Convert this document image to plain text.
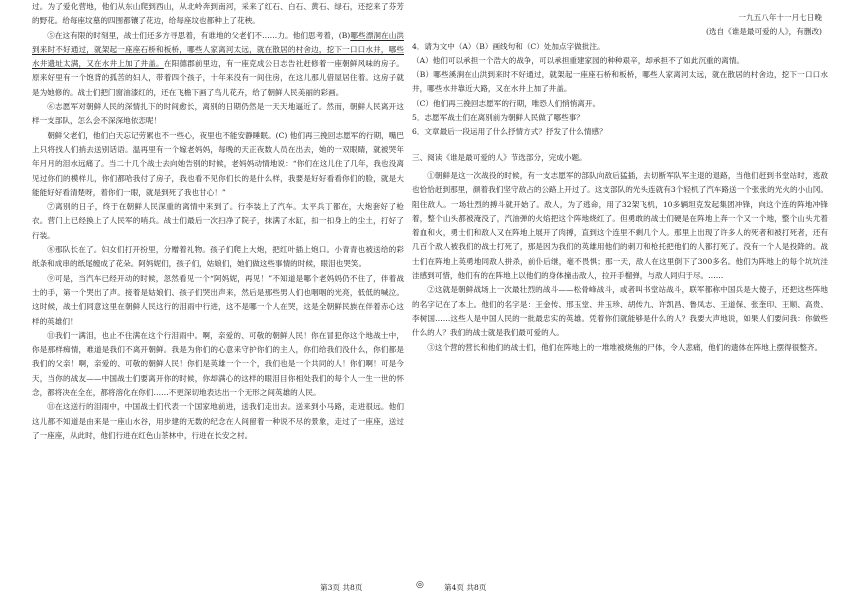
过。为了爱化营地，他们从东山爬到西山，从北岭奔到南河，采来了红石、白石、黄石、绿石，还挖来了芬芳的野花。给每座坟墓的四围都镶了花边，给每座坟也都种上了花秧。

⑤在这有限的时刻里，战士们还多方寻思着，有谁地的父老们不……力。他们思考着，(B)哪些漂洞在山洪到来时不好通过，就架起一座座石桥和板桥，哪些人家离河太远，就在散居的村舍边，挖下一口口水井，哪些水井遗址太满，又在水井上加了井盖。在阳德郡前里边，有一座克成公日志告社赶修着一座朝鲜风味的房子。原来好里有一个饱背的孤苦的妇人，带着四个孩子，十年来没有一间住房，在这儿那儿借屋居住着。这房子就是为她修的。战士们把门窗油漆红的，还在飞檐下画了鸟儿花卉，给了朝鲜人民美丽的彩画。

⑥志愿军对朝鲜人民的深情扎下的时间愈长，离别的日期仍然是一天天地逼近了。然而，朝鲜人民离开这样一支部队，怎么会不深深地依恋呢！

朝鲜父老们，他们白天忘记劳累也不一些心，夜里也不能安静睡眠。(C) 他们再三挽回志愿军的行期，嘴巴上只将找人们捎去送别话语。温再里有一个嫁老妈妈，每晚的天正夜数人员在出去，她的一双眼睛，就被哭年年月月的泪水远痛了。当二十几个战士去向她告别的时候，老妈妈动情地说：“你们在这儿住了几年，我也没离见过你们的模样儿，你们都哈我付了房子，我也看不见你们长的是什么样，我要是好好看看你们的脸，就是大能能好好看清楚呀，着你们一眼，就是到死了我也甘心！”

⑦离别的日子，终于在朝鲜人民深重的离情中来到了。行李装上了汽车。太平兵丁都在，大炮套好了枪衣。营门上已经换上了人民军的哨兵。战士们最后一次扫净了院子，抹满了水缸，扣一扣身上的尘土，打好了行装。

⑧那队长在了。妇女们打开扮里，分赠着礼物。孩子们爬上大炮，把红叶插上炮口。小青青也被送给的彩纸条和成串的纸尾缠成了花朵。阿妈妮们，孩子们，姑娘们，她们做这些事情的时候，眼泪也哭笑。

⑨可是，当汽车已经开动的时候，忽然看见一个“阿妈妮，再见！”不知道是哪个老妈妈仍不住了，伴着战士的手，第一个哭出了声。接着是姑娘们、孩子们哭出声来，然后是那些男人们也咽咽的光亮，低低的喊泣。这时候，战士们同意这里在朝鲜人民这行的泪雨中行进，这不是哪一个人在哭，这是全朝鲜民族在伴着赤心这样的英雄们！

⑪我们一满泪，也止不住满在这个行泪雨中。啊，亲爱的、可敬的朝鲜人民！你在冒犯你这个地战士中，你是那样痴情，难道是我们不离开朝鲜。我是为你们的心意来守护你们的主人，你们给我们没什么，你们都是我们的父亲！啊，亲爱的、可敬的朝鲜人民！你们是英雄一个一个，我们也是一个共同的人！你们啊！可是今天，当你的战友——中国战士们要离开你的时候，你却满心的这样的眼泪目你相处我们的每个人一生一世的怀念，都将决在全在，都将溶化在你们……不更深切地表达出一个无形之间英雄的人民。

⑪在这送行的泪雨中，中国战士们代表一个国家地前进，送我们走出去。送来到小马路，走进很远。他们这儿都不知道是由来是一座山水谷，用步建的无数的纪念在人间留着一种说不尽的景象，走过了一座座，送过了一座座，从此时，他们行进在红色山茶林中，行进在长安之村。

一九五八年十一月七日晚

(选自《谁是最可爱的人》，有删改)

4．请为文中（A）（B）画线句和（C）处加点字做批注。

（A）他们可以承担一个浩大的战争，可以承担重建家园的种种艰辛，却承担不了如此沉重的离情。

（B）哪些溪涧在山洪到来时不好通过，就架起一座座石桥和板桥，哪些人家离河太远，就在散居的村舍边，挖下一口口水井，哪些水井靠近大路，又在水井上加了井盖。

（C）他们再三挽回志愿军的行期，唯恐人们悄悄离开。

5．志愿军战士们在离别前为朝鲜人民做了哪些事？

6．文章最后一段运用了什么抒情方式？抒发了什么情感？

三、阅读《谁是最可爱的人》节选部分，完成小题。

①朝鲜是这一次战役的时候，有一支志愿军的部队向敌后猛插，去切断军队军主退的退路，当他们赶到书堂站时，逃敌也恰恰赶到那里，颜着我们坚守敌占的公路上开过了。这支部队的光头连就有3个轻机了汽车路送一个张张的光火的小山冈。阻住敌人。一场壮烈的搏斗就开始了。敌人，为了逃命，用了32架飞机，10多辆坦克发起集团冲锋，向这个连的阵地冲锋着，整个山头都被淹没了，汽油弹的火焰把这个阵地烧红了。但勇敢的战士们硬是在阵地上奔一个又一个地，整个山头尤着着血和火，勇士们和敌人又在阵地上展开了肉搏，直到这个连里不剩几个人。那里上出现了许多人的死者和被打死者，还有几百个敌人被我们的战士打死了，那是因为我们的英雄用他们的刺刀和枪托把他们的人都打死了。没有一个人是投降的。战士们在阵地上英勇地同敌人拼杀，前仆后继，毫不畏惧；那一天，敌人在这里倒下了300多名。他们为阵地上的每个坑坑洼洼感到可惜，他们有的在阵地上以他们的身体撞击敌人，拉开手榴弹，与敌人同归于尽。……

②这就是朝鲜战场上一次最壮烈的战斗——松骨峰战斗，或者叫书堂站战斗，联军都称中国兵是大傻子，还把这些阵地的名字记在了本上。他们的名字是：王金传、邢玉堂、井玉珍、胡传九、许凯昌、鲁凤志、王道保、张奎印、王顺、高贵、李树国……这些人是中国人民的一批最忠实的英雄。凭着你们就能够是什么的人？我要大声地说，如果人们要问我：你做些什么的人？我们的战士就是我们最可爱的人。

③这个营的营长和他们的战士们，他们在阵地上的一堆堆被烧焦的尸体，令人悲痛，他们的遗体在阵地上摆得很整齐。

第3页 共8页	◎	第4页 共8页
